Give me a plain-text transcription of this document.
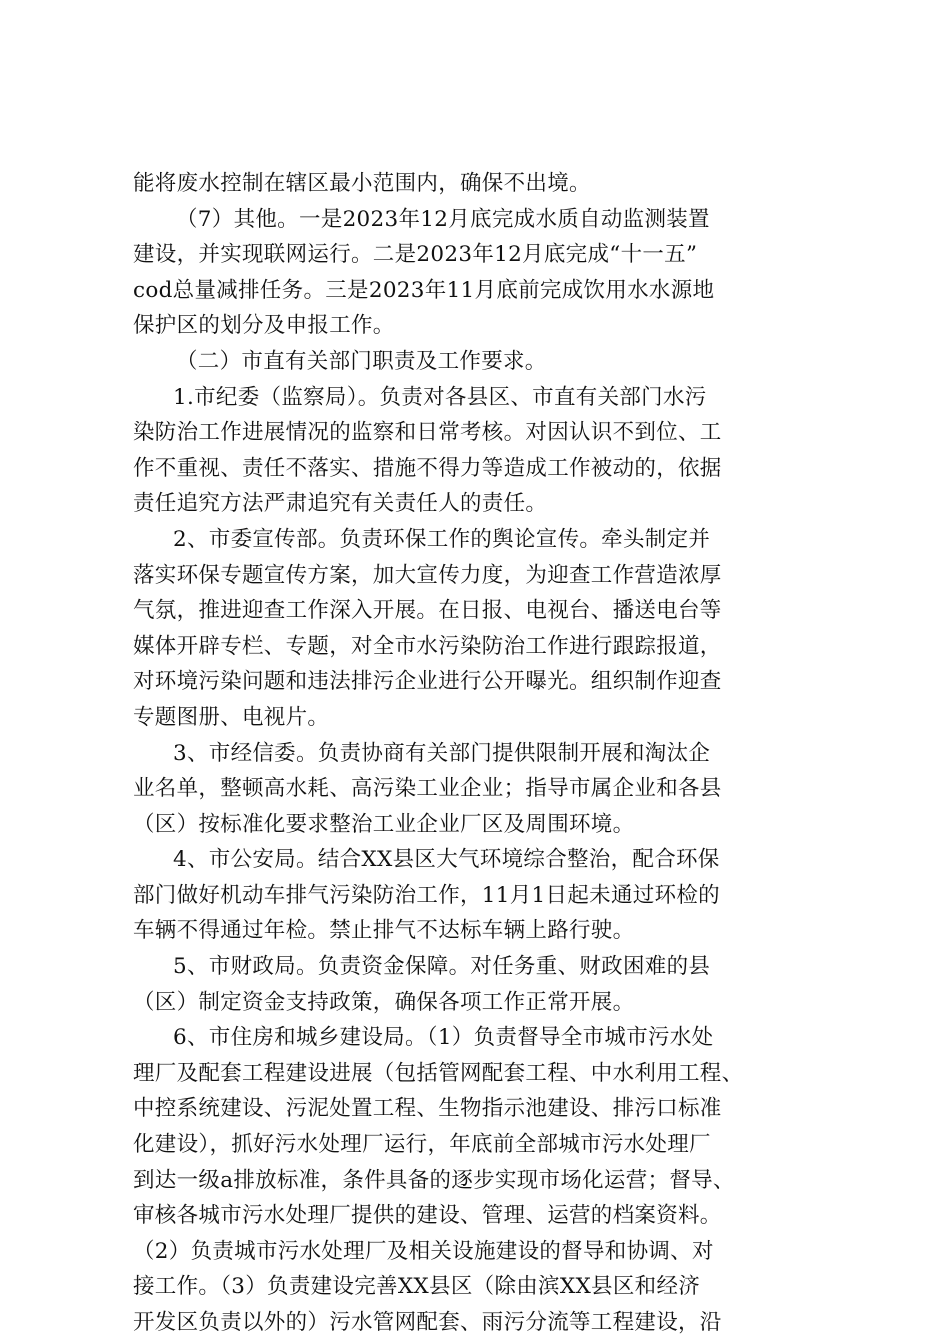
能将废水控制在辖区最小范围内，确保不出境。
（7）其他。一是2023年12月底完成水质自动监测装置
建设，并实现联网运行。二是2023年12月底完成“十一五”
cod总量减排任务。三是2023年11月底前完成饮用水水源地
保护区的划分及申报工作。
（二）市直有关部门职责及工作要求。
1.市纪委（监察局）。负责对各县区、市直有关部门水污
染防治工作进展情况的监察和日常考核。对因认识不到位、工
作不重视、责任不落实、措施不得力等造成工作被动的，依据
责任追究方法严肃追究有关责任人的责任。
2、市委宣传部。负责环保工作的舆论宣传。牵头制定并
落实环保专题宣传方案，加大宣传力度，为迎查工作营造浓厚
气氛，推进迎查工作深入开展。在日报、电视台、播送电台等
媒体开辟专栏、专题，对全市水污染防治工作进行跟踪报道，
对环境污染问题和违法排污企业进行公开曝光。组织制作迎查
专题图册、电视片。
3、市经信委。负责协商有关部门提供限制开展和淘汰企
业名单，整顿高水耗、高污染工业企业；指导市属企业和各县
（区）按标准化要求整治工业企业厂区及周围环境。
4、市公安局。结合XX县区大气环境综合整治，配合环保
部门做好机动车排气污染防治工作，11月1日起未通过环检的
车辆不得通过年检。禁止排气不达标车辆上路行驶。
5、市财政局。负责资金保障。对任务重、财政困难的县
（区）制定资金支持政策，确保各项工作正常开展。
6、市住房和城乡建设局。（1）负责督导全市城市污水处
理厂及配套工程建设进展（包括管网配套工程、中水利用工程、
中控系统建设、污泥处置工程、生物指示池建设、排污口标准
化建设），抓好污水处理厂运行，年底前全部城市污水处理厂
到达一级a排放标准，条件具备的逐步实现市场化运营；督导、
审核各城市污水处理厂提供的建设、管理、运营的档案资料。
（2）负责城市污水处理厂及相关设施建设的督导和协调、对
接工作。（3）负责建设完善XX县区（除由滨XX县区和经济
开发区负责以外的）污水管网配套、雨污分流等工程建设，沿
